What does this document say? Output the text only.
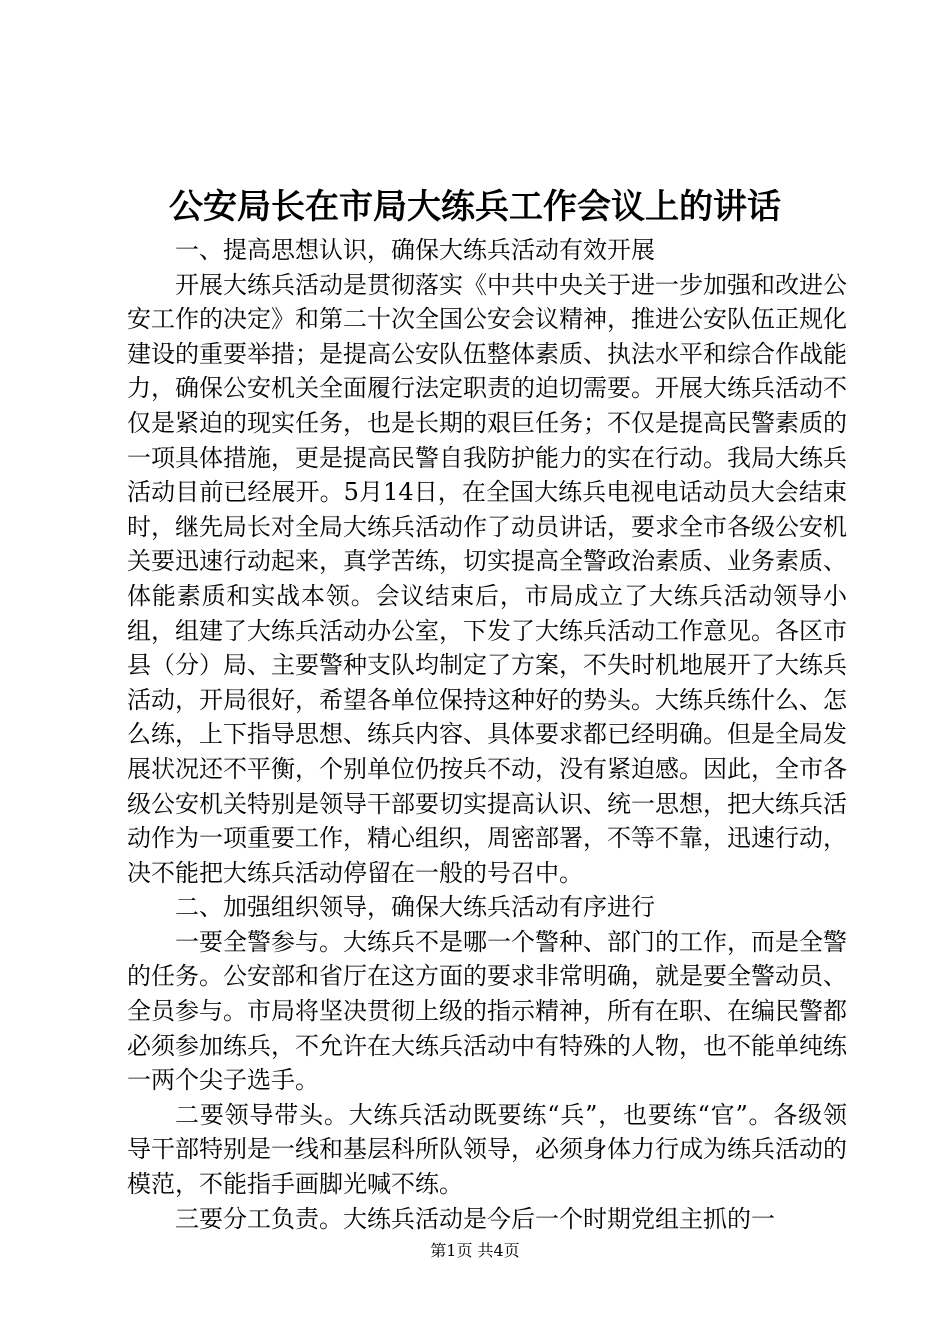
公安局长在市局大练兵工作会议上的讲话

一、提高思想认识，确保大练兵活动有效开展

开展大练兵活动是贯彻落实《中共中央关于进一步加强和改进公安工作的决定》和第二十次全国公安会议精神，推进公安队伍正规化建设的重要举措；是提高公安队伍整体素质、执法水平和综合作战能力，确保公安机关全面履行法定职责的迫切需要。开展大练兵活动不仅是紧迫的现实任务，也是长期的艰巨任务；不仅是提高民警素质的一项具体措施，更是提高民警自我防护能力的实在行动。我局大练兵活动目前已经展开。5月14日，在全国大练兵电视电话动员大会结束时，继先局长对全局大练兵活动作了动员讲话，要求全市各级公安机关要迅速行动起来，真学苦练，切实提高全警政治素质、业务素质、体能素质和实战本领。会议结束后，市局成立了大练兵活动领导小组，组建了大练兵活动办公室，下发了大练兵活动工作意见。各区市县（分）局、主要警种支队均制定了方案，不失时机地展开了大练兵活动，开局很好，希望各单位保持这种好的势头。大练兵练什么、怎么练，上下指导思想、练兵内容、具体要求都已经明确。但是全局发展状况还不平衡，个别单位仍按兵不动，没有紧迫感。因此，全市各级公安机关特别是领导干部要切实提高认识、统一思想，把大练兵活动作为一项重要工作，精心组织，周密部署，不等不靠，迅速行动，决不能把大练兵活动停留在一般的号召中。

二、加强组织领导，确保大练兵活动有序进行

一要全警参与。大练兵不是哪一个警种、部门的工作，而是全警的任务。公安部和省厅在这方面的要求非常明确，就是要全警动员、全员参与。市局将坚决贯彻上级的指示精神，所有在职、在编民警都必须参加练兵，不允许在大练兵活动中有特殊的人物，也不能单纯练一两个尖子选手。

二要领导带头。大练兵活动既要练“兵”，也要练“官”。各级领导干部特别是一线和基层科所队领导，必须身体力行成为练兵活动的模范，不能指手画脚光喊不练。

三要分工负责。大练兵活动是今后一个时期党组主抓的一

第1页 共4页
